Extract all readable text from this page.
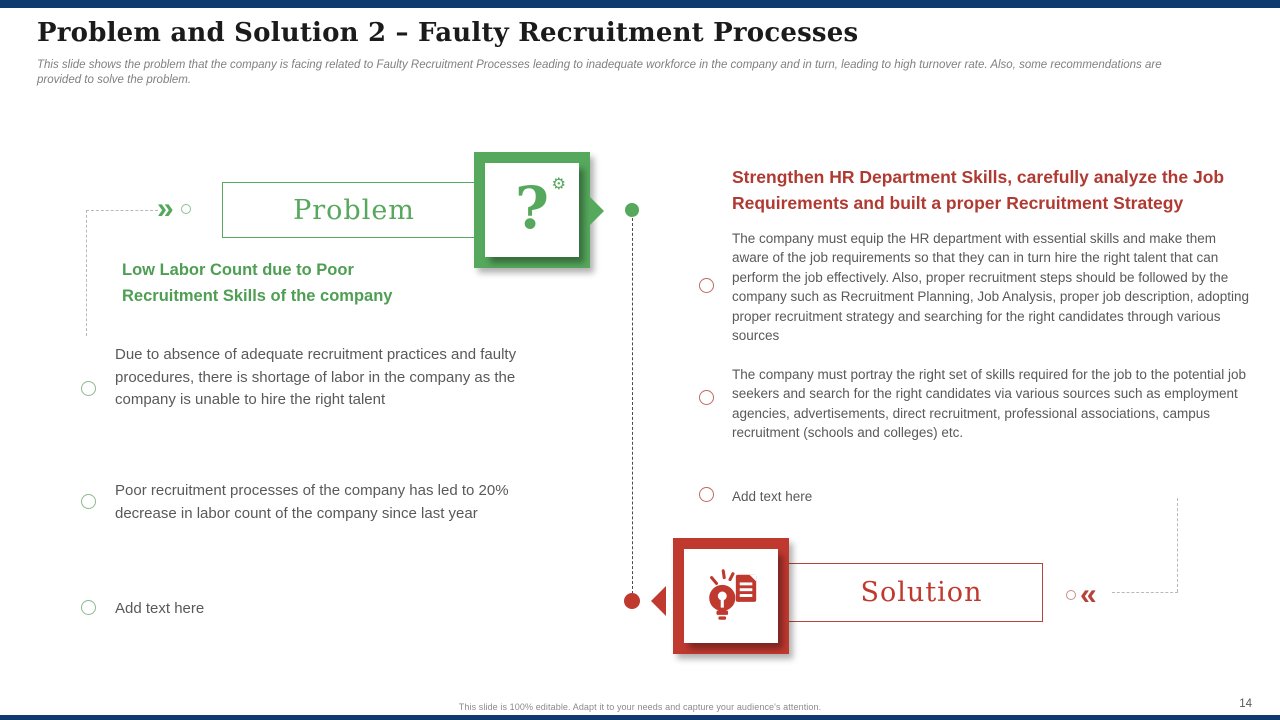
Problem and Solution 2 – Faulty Recruitment Processes
This slide shows the problem that the company is facing related to Faulty Recruitment Processes leading to inadequate workforce in the company and in turn, leading to high turnover rate. Also, some recommendations are provided to solve the problem.
»	Problem ? ⚙
Low Labor Count due to Poor Recruitment Skills of the company
Due to absence of adequate recruitment practices and faulty procedures, there is shortage of labor in the company as the company is unable to hire the right talent
Poor recruitment processes of the company has led to 20% decrease in labor count of the company since last year
Add text here
Strengthen HR Department Skills, carefully analyze the Job Requirements and built a proper Recruitment Strategy
The company must equip the HR department with essential skills and make them aware of the job requirements so that they can in turn hire the right talent that can perform the job effectively. Also, proper recruitment steps should be followed by the company such as Recruitment Planning, Job Analysis, proper job description, adopting proper recruitment strategy and searching for the right candidates through various sources
The company must portray the right set of skills required for the job to the potential job seekers and search for the right candidates via various sources such as employment agencies, advertisements, direct recruitment, professional associations, campus recruitment (schools and colleges) etc.
Add text here
«
Solution
This slide is 100% editable. Adapt it to your needs and capture your audience's attention.	14
